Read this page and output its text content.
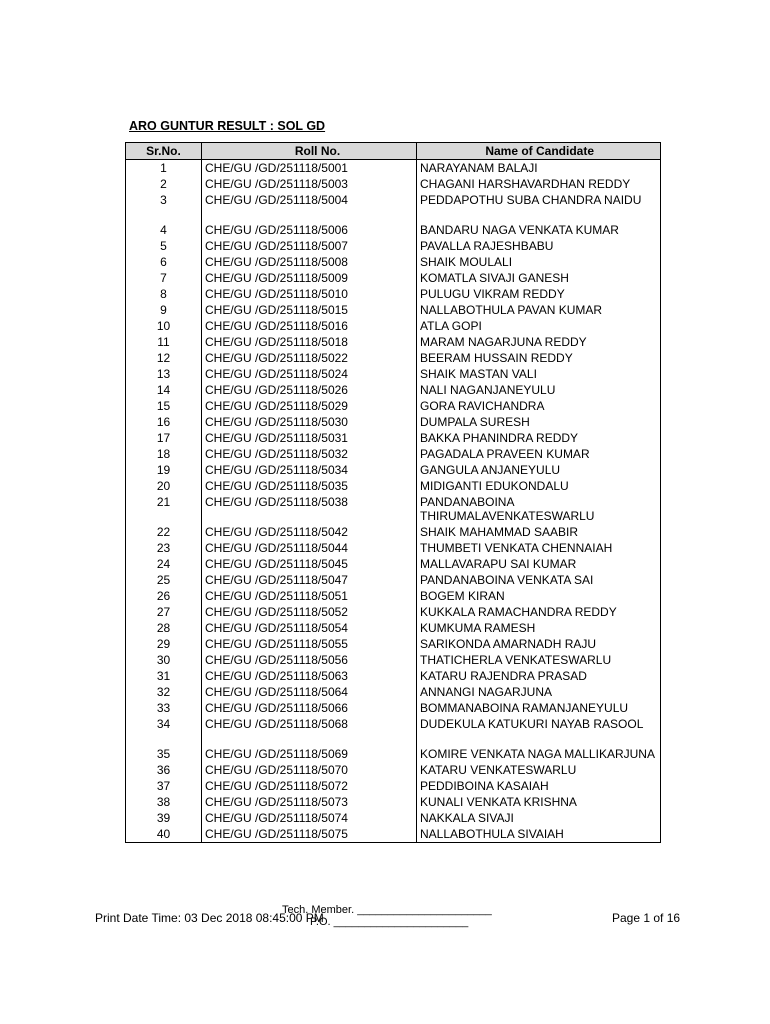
ARO GUNTUR RESULT : SOL GD
Sr.No.	Roll No.	Name of Candidate
1	CHE/GU /GD/251118/5001	NARAYANAM BALAJI
2	CHE/GU /GD/251118/5003	CHAGANI HARSHAVARDHAN REDDY
3	CHE/GU /GD/251118/5004	PEDDAPOTHU SUBA CHANDRA NAIDU
4	CHE/GU /GD/251118/5006	BANDARU NAGA VENKATA KUMAR
5	CHE/GU /GD/251118/5007	PAVALLA RAJESHBABU
6	CHE/GU /GD/251118/5008	SHAIK MOULALI
7	CHE/GU /GD/251118/5009	KOMATLA SIVAJI GANESH
8	CHE/GU /GD/251118/5010	PULUGU VIKRAM REDDY
9	CHE/GU /GD/251118/5015	NALLABOTHULA PAVAN KUMAR
10	CHE/GU /GD/251118/5016	ATLA GOPI
11	CHE/GU /GD/251118/5018	MARAM NAGARJUNA REDDY
12	CHE/GU /GD/251118/5022	BEERAM HUSSAIN REDDY
13	CHE/GU /GD/251118/5024	SHAIK MASTAN VALI
14	CHE/GU /GD/251118/5026	NALI NAGANJANEYULU
15	CHE/GU /GD/251118/5029	GORA RAVICHANDRA
16	CHE/GU /GD/251118/5030	DUMPALA SURESH
17	CHE/GU /GD/251118/5031	BAKKA PHANINDRA REDDY
18	CHE/GU /GD/251118/5032	PAGADALA PRAVEEN KUMAR
19	CHE/GU /GD/251118/5034	GANGULA ANJANEYULU
20	CHE/GU /GD/251118/5035	MIDIGANTI EDUKONDALU
21	CHE/GU /GD/251118/5038	PANDANABOINA THIRUMALAVENKATESWARLU
22	CHE/GU /GD/251118/5042	SHAIK MAHAMMAD SAABIR
23	CHE/GU /GD/251118/5044	THUMBETI VENKATA CHENNAIAH
24	CHE/GU /GD/251118/5045	MALLAVARAPU SAI KUMAR
25	CHE/GU /GD/251118/5047	PANDANABOINA VENKATA SAI
26	CHE/GU /GD/251118/5051	BOGEM KIRAN
27	CHE/GU /GD/251118/5052	KUKKALA RAMACHANDRA REDDY
28	CHE/GU /GD/251118/5054	KUMKUMA RAMESH
29	CHE/GU /GD/251118/5055	SARIKONDA AMARNADH RAJU
30	CHE/GU /GD/251118/5056	THATICHERLA VENKATESWARLU
31	CHE/GU /GD/251118/5063	KATARU RAJENDRA PRASAD
32	CHE/GU /GD/251118/5064	ANNANGI NAGARJUNA
33	CHE/GU /GD/251118/5066	BOMMANABOINA RAMANJANEYULU
34	CHE/GU /GD/251118/5068	DUDEKULA KATUKURI NAYAB RASOOL
35	CHE/GU /GD/251118/5069	KOMIRE VENKATA NAGA MALLIKARJUNA
36	CHE/GU /GD/251118/5070	KATARU VENKATESWARLU
37	CHE/GU /GD/251118/5072	PEDDIBOINA KASAIAH
38	CHE/GU /GD/251118/5073	KUNALI VENKATA KRISHNA
39	CHE/GU /GD/251118/5074	NAKKALA SIVAJI
40	CHE/GU /GD/251118/5075	NALLABOTHULA SIVAIAH
Print Date Time: 03 Dec 2018 08:45:00 PM
Tech. Member. ______________________
P.O. ______________________	Page 1 of 16
